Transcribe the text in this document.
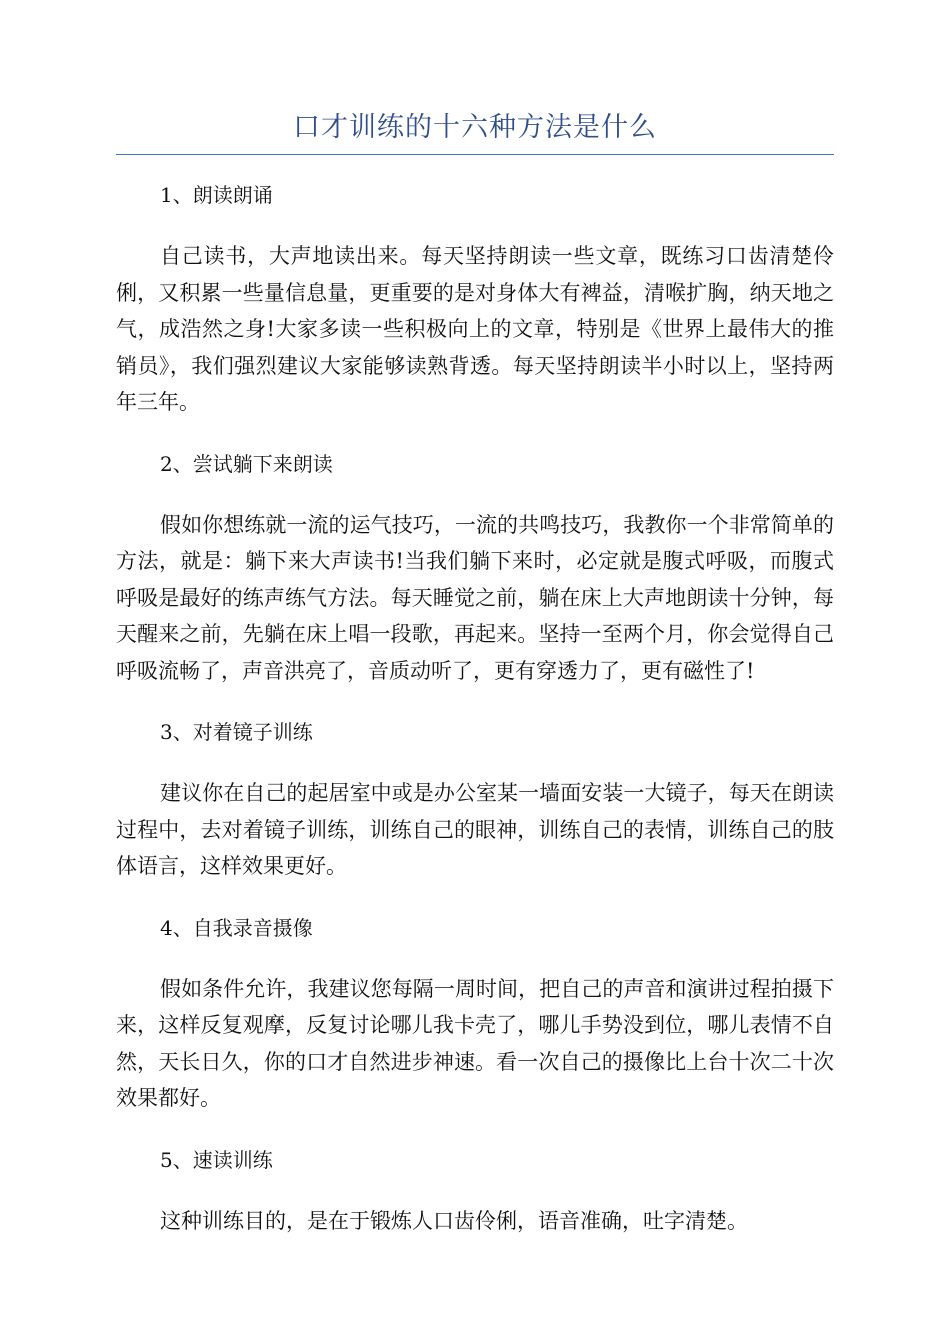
口才训练的十六种方法是什么

1、朗读朗诵

自己读书，大声地读出来。每天坚持朗读一些文章，既练习口齿清楚伶俐，又积累一些量信息量，更重要的是对身体大有裨益，清喉扩胸，纳天地之气，成浩然之身!大家多读一些积极向上的文章，特别是《世界上最伟大的推销员》，我们强烈建议大家能够读熟背透。每天坚持朗读半小时以上，坚持两年三年。

2、尝试躺下来朗读

假如你想练就一流的运气技巧，一流的共鸣技巧，我教你一个非常简单的方法，就是：躺下来大声读书!当我们躺下来时，必定就是腹式呼吸，而腹式呼吸是最好的练声练气方法。每天睡觉之前，躺在床上大声地朗读十分钟，每天醒来之前，先躺在床上唱一段歌，再起来。坚持一至两个月，你会觉得自己呼吸流畅了，声音洪亮了，音质动听了，更有穿透力了，更有磁性了!

3、对着镜子训练

建议你在自己的起居室中或是办公室某一墙面安装一大镜子，每天在朗读过程中，去对着镜子训练，训练自己的眼神，训练自己的表情，训练自己的肢体语言，这样效果更好。

4、自我录音摄像

假如条件允许，我建议您每隔一周时间，把自己的声音和演讲过程拍摄下来，这样反复观摩，反复讨论哪儿我卡壳了，哪儿手势没到位，哪儿表情不自然，天长日久，你的口才自然进步神速。看一次自己的摄像比上台十次二十次效果都好。

5、速读训练

这种训练目的，是在于锻炼人口齿伶俐，语音准确，吐字清楚。
